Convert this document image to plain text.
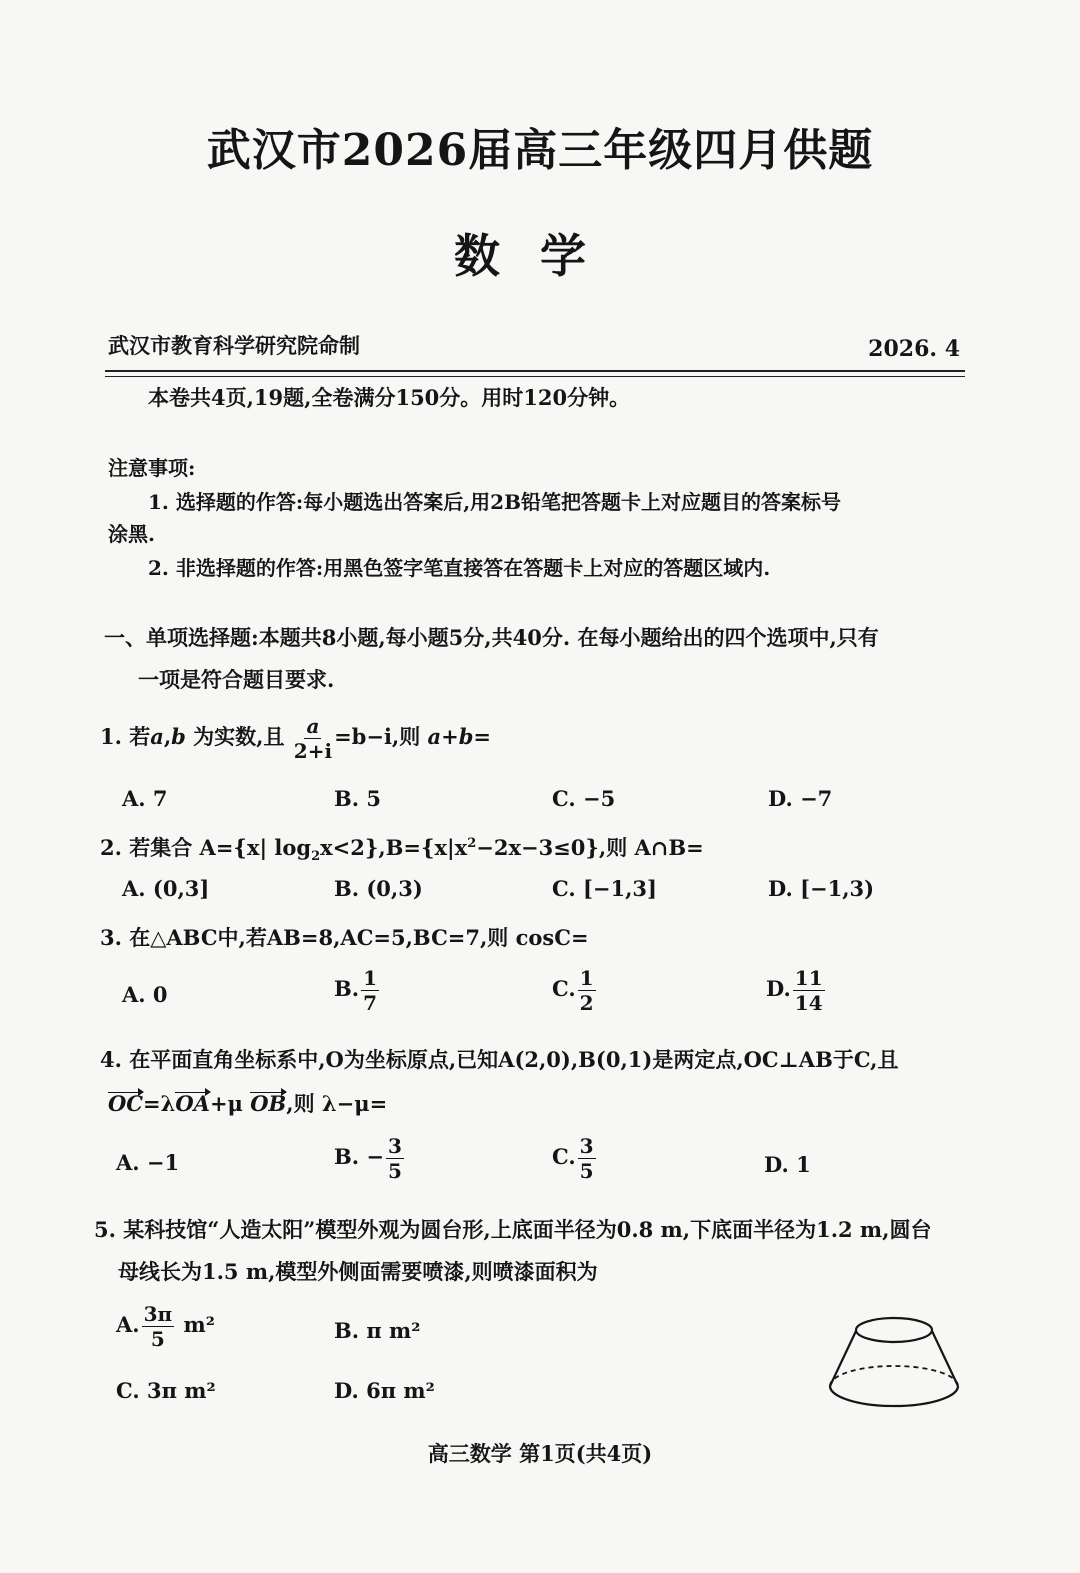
武汉市2026届高三年级四月供题
数学
武汉市教育科学研究院命制	2026. 4
本卷共4页,19题,全卷满分150分。用时120分钟。
注意事项:
1. 选择题的作答:每小题选出答案后,用2B铅笔把答题卡上对应题目的答案标号
涂黑.
2. 非选择题的作答:用黑色签字笔直接答在答题卡上对应的答题区域内.
一、单项选择题:本题共8小题,每小题5分,共40分. 在每小题给出的四个选项中,只有
一项是符合题目要求.
1. 若a,b 为实数,且 $\frac{a}{2+i} =b-i$,则 a+b=
A. 7	B. 5	C. −5	D. −7
2. 若集合 A={x| $\log_2x<2\},B=\{x|x^2-2x-3\le 0\}$,则 A∩B=
A. (0,3]	B. (0,3)	C. [−1,3]	D. [−1,3)
3. 在△ABC中,若AB=8,AC=5,BC=7,则 cosC=
A. 0	B. $\frac{1}{7}$	C. $\frac{1}{2}$	D. $\frac{11}{14}$
4. 在平面直角坐标系中,O为坐标原点,已知A(2,0),B(0,1)是两定点,OC⊥AB于C,且
OC=λOA+μ OB,则 λ−μ=
A. −1	B. − $\frac{3}{5}$	C. $\frac{3}{5}$	D. 1
5. 某科技馆“人造太阳”模型外观为圆台形,上底面半径为0.8 m,下底面半径为1.2 m,圆台
母线长为1.5 m,模型外侧面需要喷漆,则喷漆面积为
A. $\frac{3\pi}{5} m^2$	B. π m²
C. 3π m²	D. 6π m²
高三数学 第1页(共4页)
